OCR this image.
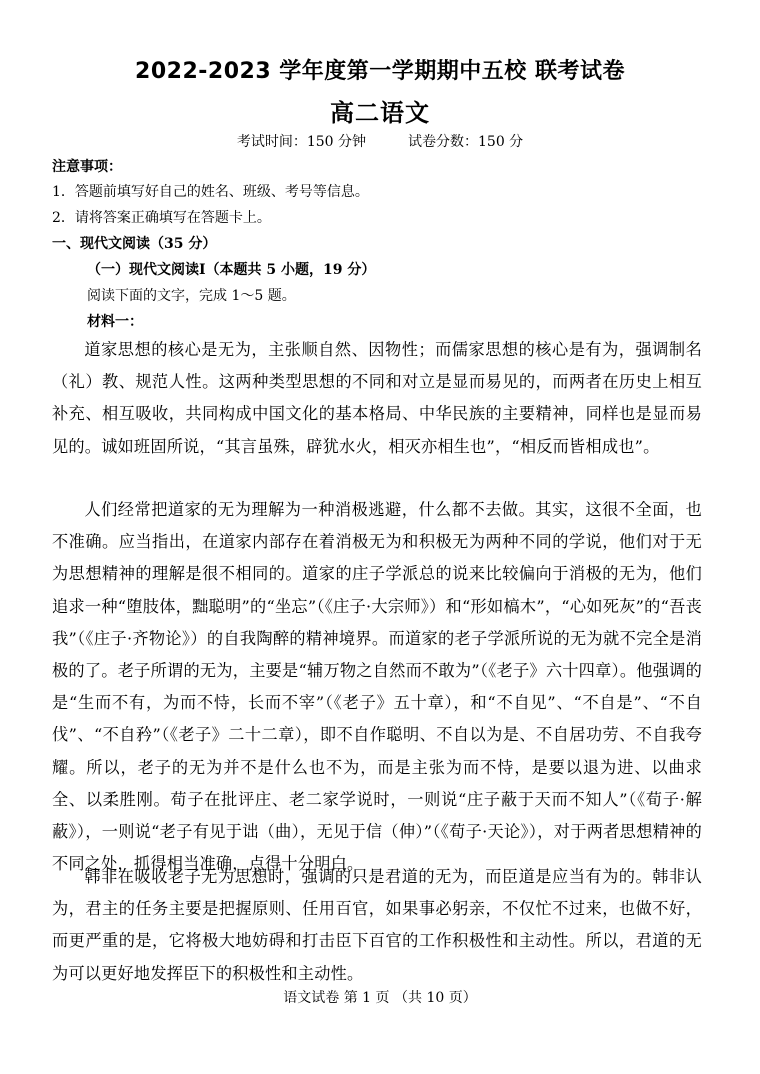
2022-2023 学年度第一学期期中五校 联考试卷
高二语文
考试时间：150 分钟	试卷分数：150 分
注意事项：
1．答题前填写好自己的姓名、班级、考号等信息。
2．请将答案正确填写在答题卡上。
一、现代文阅读（35 分）
（一）现代文阅读Ⅰ（本题共 5 小题，19 分）
阅读下面的文字，完成 1～5 题。
材料一：

道家思想的核心是无为，主张顺自然、因物性；而儒家思想的核心是有为，强调制名（礼）教、规范人性。这两种类型思想的不同和对立是显而易见的，而两者在历史上相互补充、相互吸收，共同构成中国文化的基本格局、中华民族的主要精神，同样也是显而易见的。诚如班固所说，“其言虽殊，辟犹水火，相灭亦相生也”，“相反而皆相成也”。

人们经常把道家的无为理解为一种消极逃避，什么都不去做。其实，这很不全面，也不准确。应当指出，在道家内部存在着消极无为和积极无为两种不同的学说，他们对于无为思想精神的理解是很不相同的。道家的庄子学派总的说来比较偏向于消极的无为，他们追求一种“堕肢体，黜聪明”的“坐忘”（《庄子·大宗师》）和“形如槁木”，“心如死灰”的“吾丧我”（《庄子·齐物论》）的自我陶醉的精神境界。而道家的老子学派所说的无为就不完全是消极的了。老子所谓的无为，主要是“辅万物之自然而不敢为”（《老子》六十四章）。他强调的是“生而不有，为而不恃，长而不宰”（《老子》五十章），和“不自见”、“不自是”、“不自伐”、“不自矜”（《老子》二十二章），即不自作聪明、不自以为是、不自居功劳、不自我夸耀。所以，老子的无为并不是什么也不为，而是主张为而不恃，是要以退为进、以曲求全、以柔胜刚。荀子在批评庄、老二家学说时，一则说“庄子蔽于天而不知人”（《荀子·解蔽》），一则说“老子有见于诎（曲），无见于信（伸）”（《荀子·天论》），对于两者思想精神的不同之处，抓得相当准确，点得十分明白。

韩非在吸收老子无为思想时，强调的只是君道的无为，而臣道是应当有为的。韩非认为，君主的任务主要是把握原则、任用百官，如果事必躬亲，不仅忙不过来，也做不好，而更严重的是，它将极大地妨碍和打击臣下百官的工作积极性和主动性。所以，君道的无为可以更好地发挥臣下的积极性和主动性。

语文试卷 第 1 页 （共 10 页）
